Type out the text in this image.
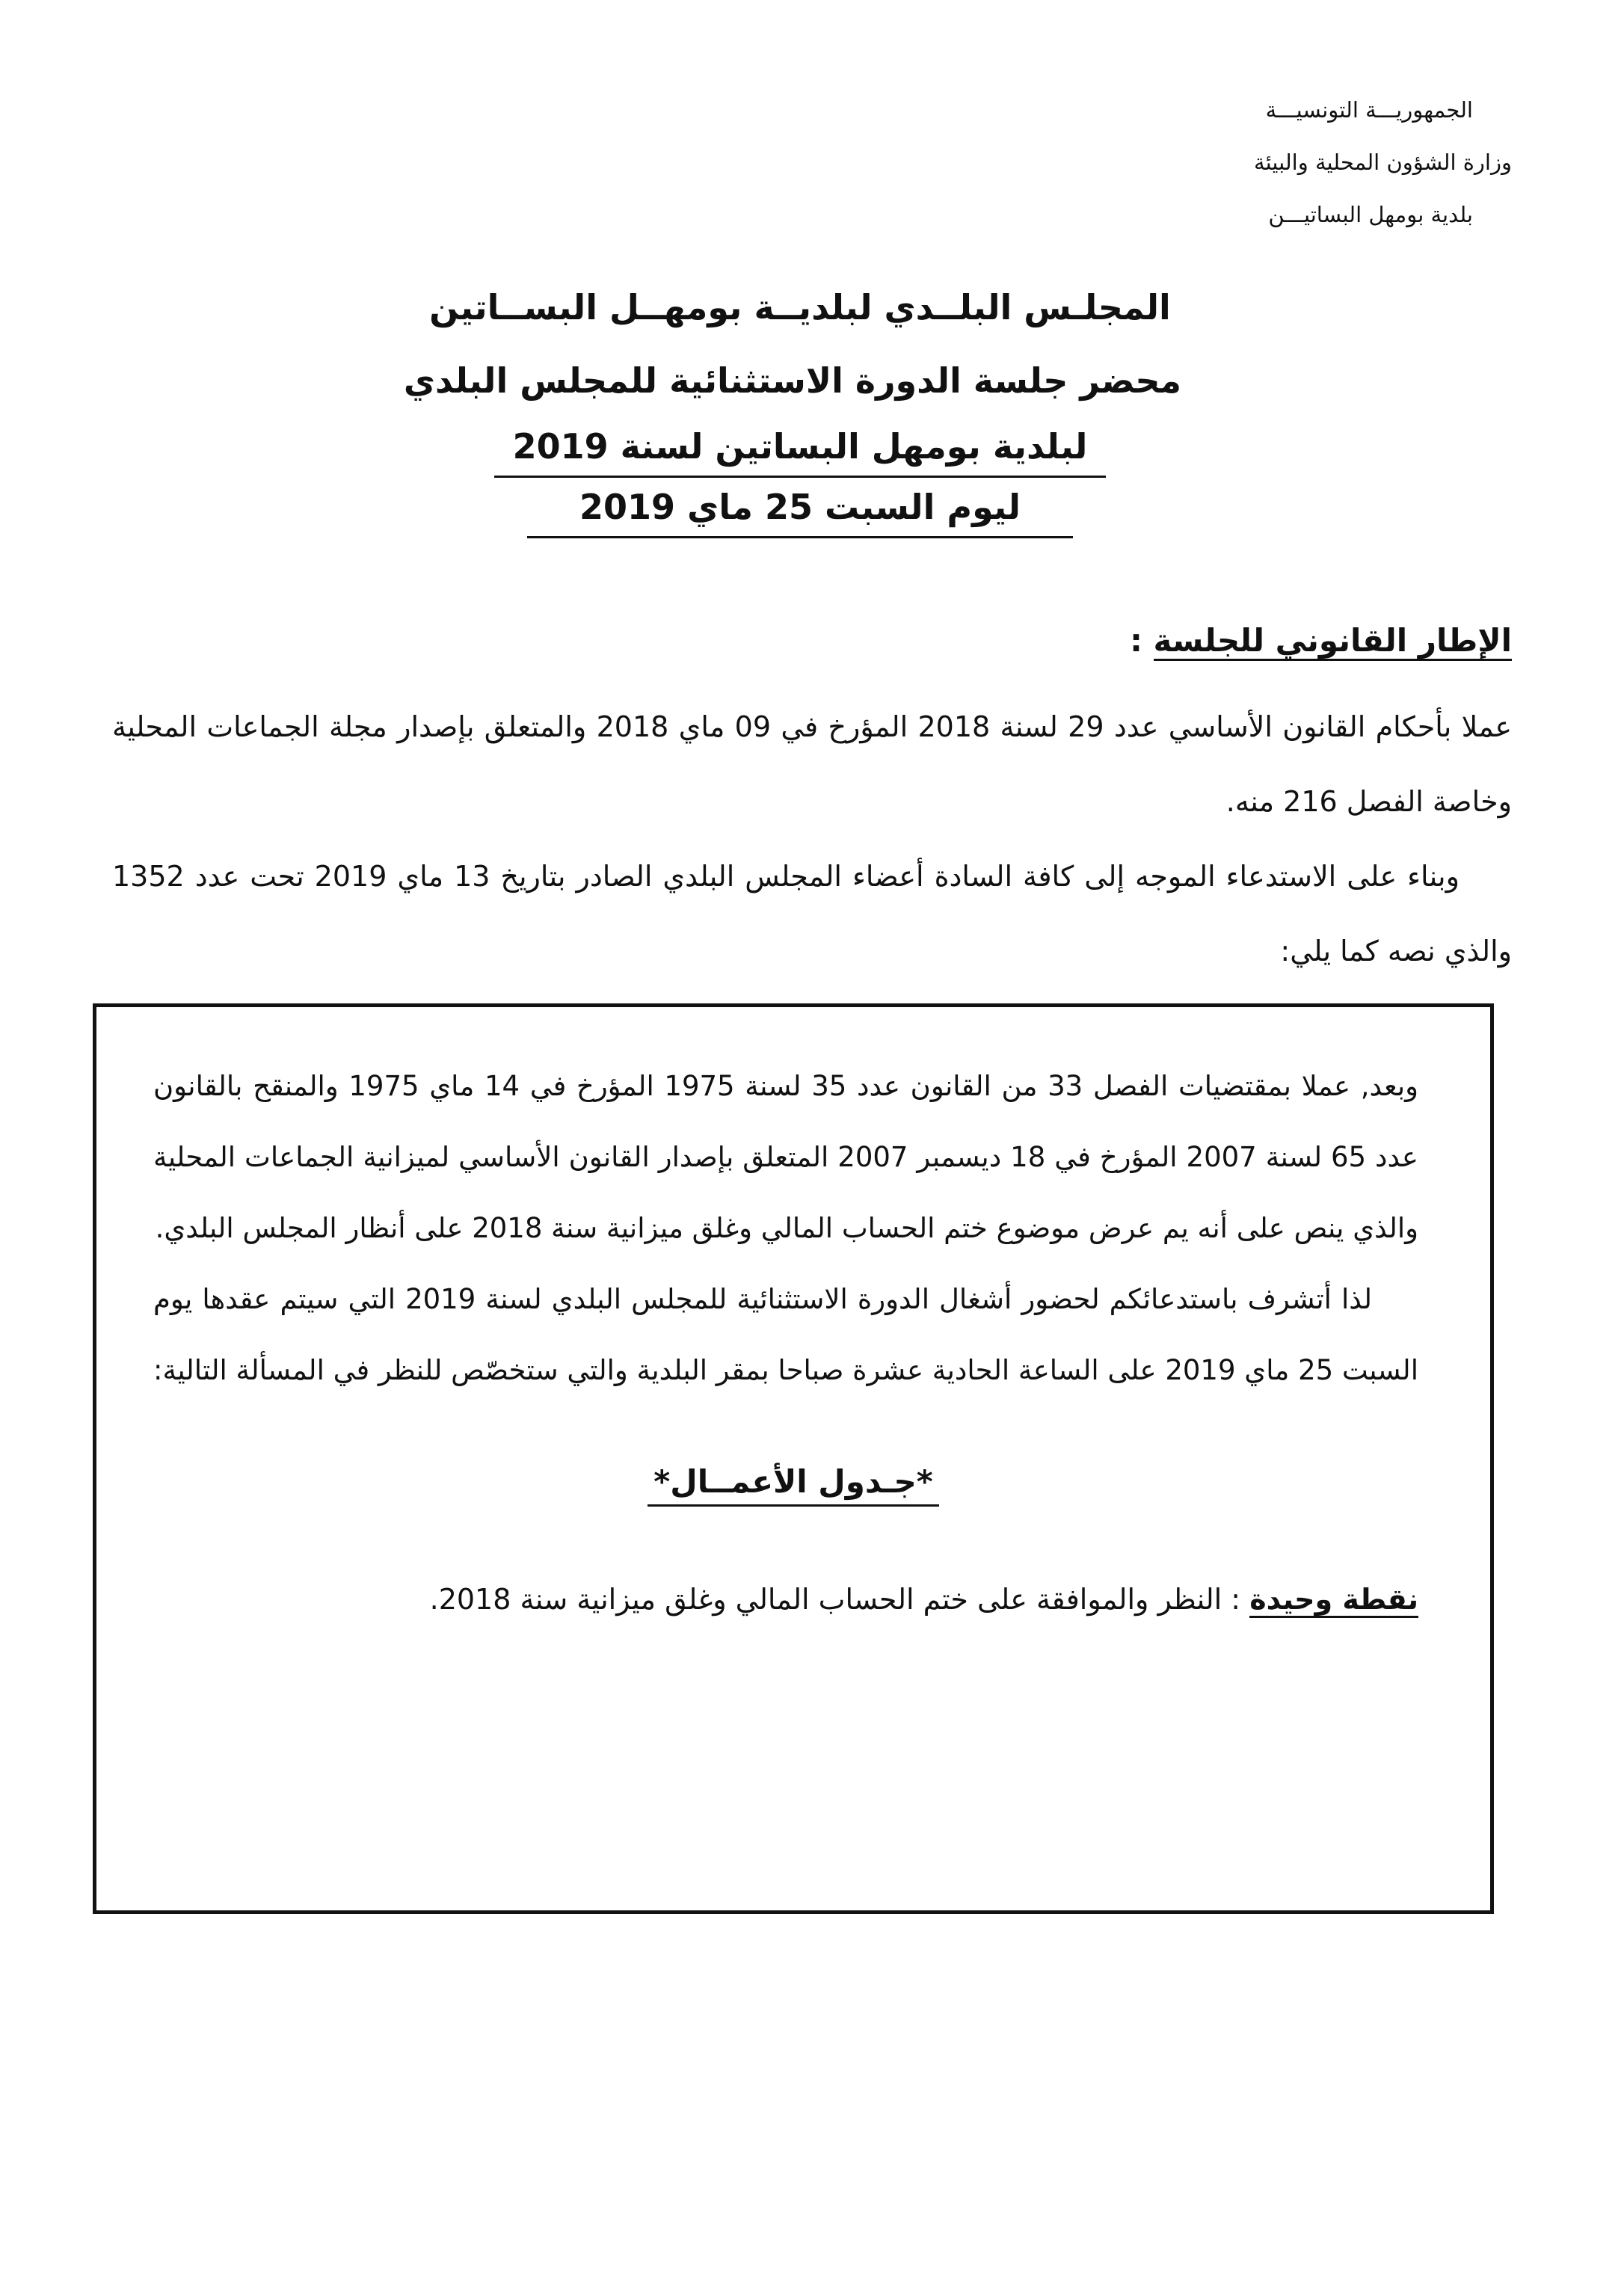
الجمهوريـــة التونسيـــة
وزارة الشؤون المحلية والبيئة
بلدية بومهل البساتيـــن
المجلـس البلــدي لبلديــة بومهــل البســاتين
محضر جلسة الدورة الاستثنائية للمجلس البلدي
لبلدية بومهل البساتين لسنة 2019
ليوم السبت 25 ماي 2019
الإطار القانوني للجلسة :

عملا بأحكام القانون الأساسي عدد 29 لسنة 2018 المؤرخ في 09 ماي 2018 والمتعلق بإصدار مجلة الجماعات المحلية وخاصة الفصل 216 منه.

وبناء على الاستدعاء الموجه إلى كافة السادة أعضاء المجلس البلدي الصادر بتاريخ 13 ماي 2019 تحت عدد 1352 والذي نصه كما يلي:

وبعد, عملا بمقتضيات الفصل 33 من القانون عدد 35 لسنة 1975 المؤرخ في 14 ماي 1975 والمنقح بالقانون عدد 65 لسنة 2007 المؤرخ في 18 ديسمبر 2007 المتعلق بإصدار القانون الأساسي لميزانية الجماعات المحلية والذي ينص على أنه يم عرض موضوع ختم الحساب المالي وغلق ميزانية سنة 2018 على أنظار المجلس البلدي.

لذا أتشرف باستدعائكم لحضور أشغال الدورة الاستثنائية للمجلس البلدي لسنة 2019 التي سيتم عقدها يوم السبت 25 ماي 2019 على الساعة الحادية عشرة صباحا بمقر البلدية والتي ستخصّص للنظر في المسألة التالية:

*جـدول الأعمــال*
نقطة وحيدة : النظر والموافقة على ختم الحساب المالي وغلق ميزانية سنة 2018.
